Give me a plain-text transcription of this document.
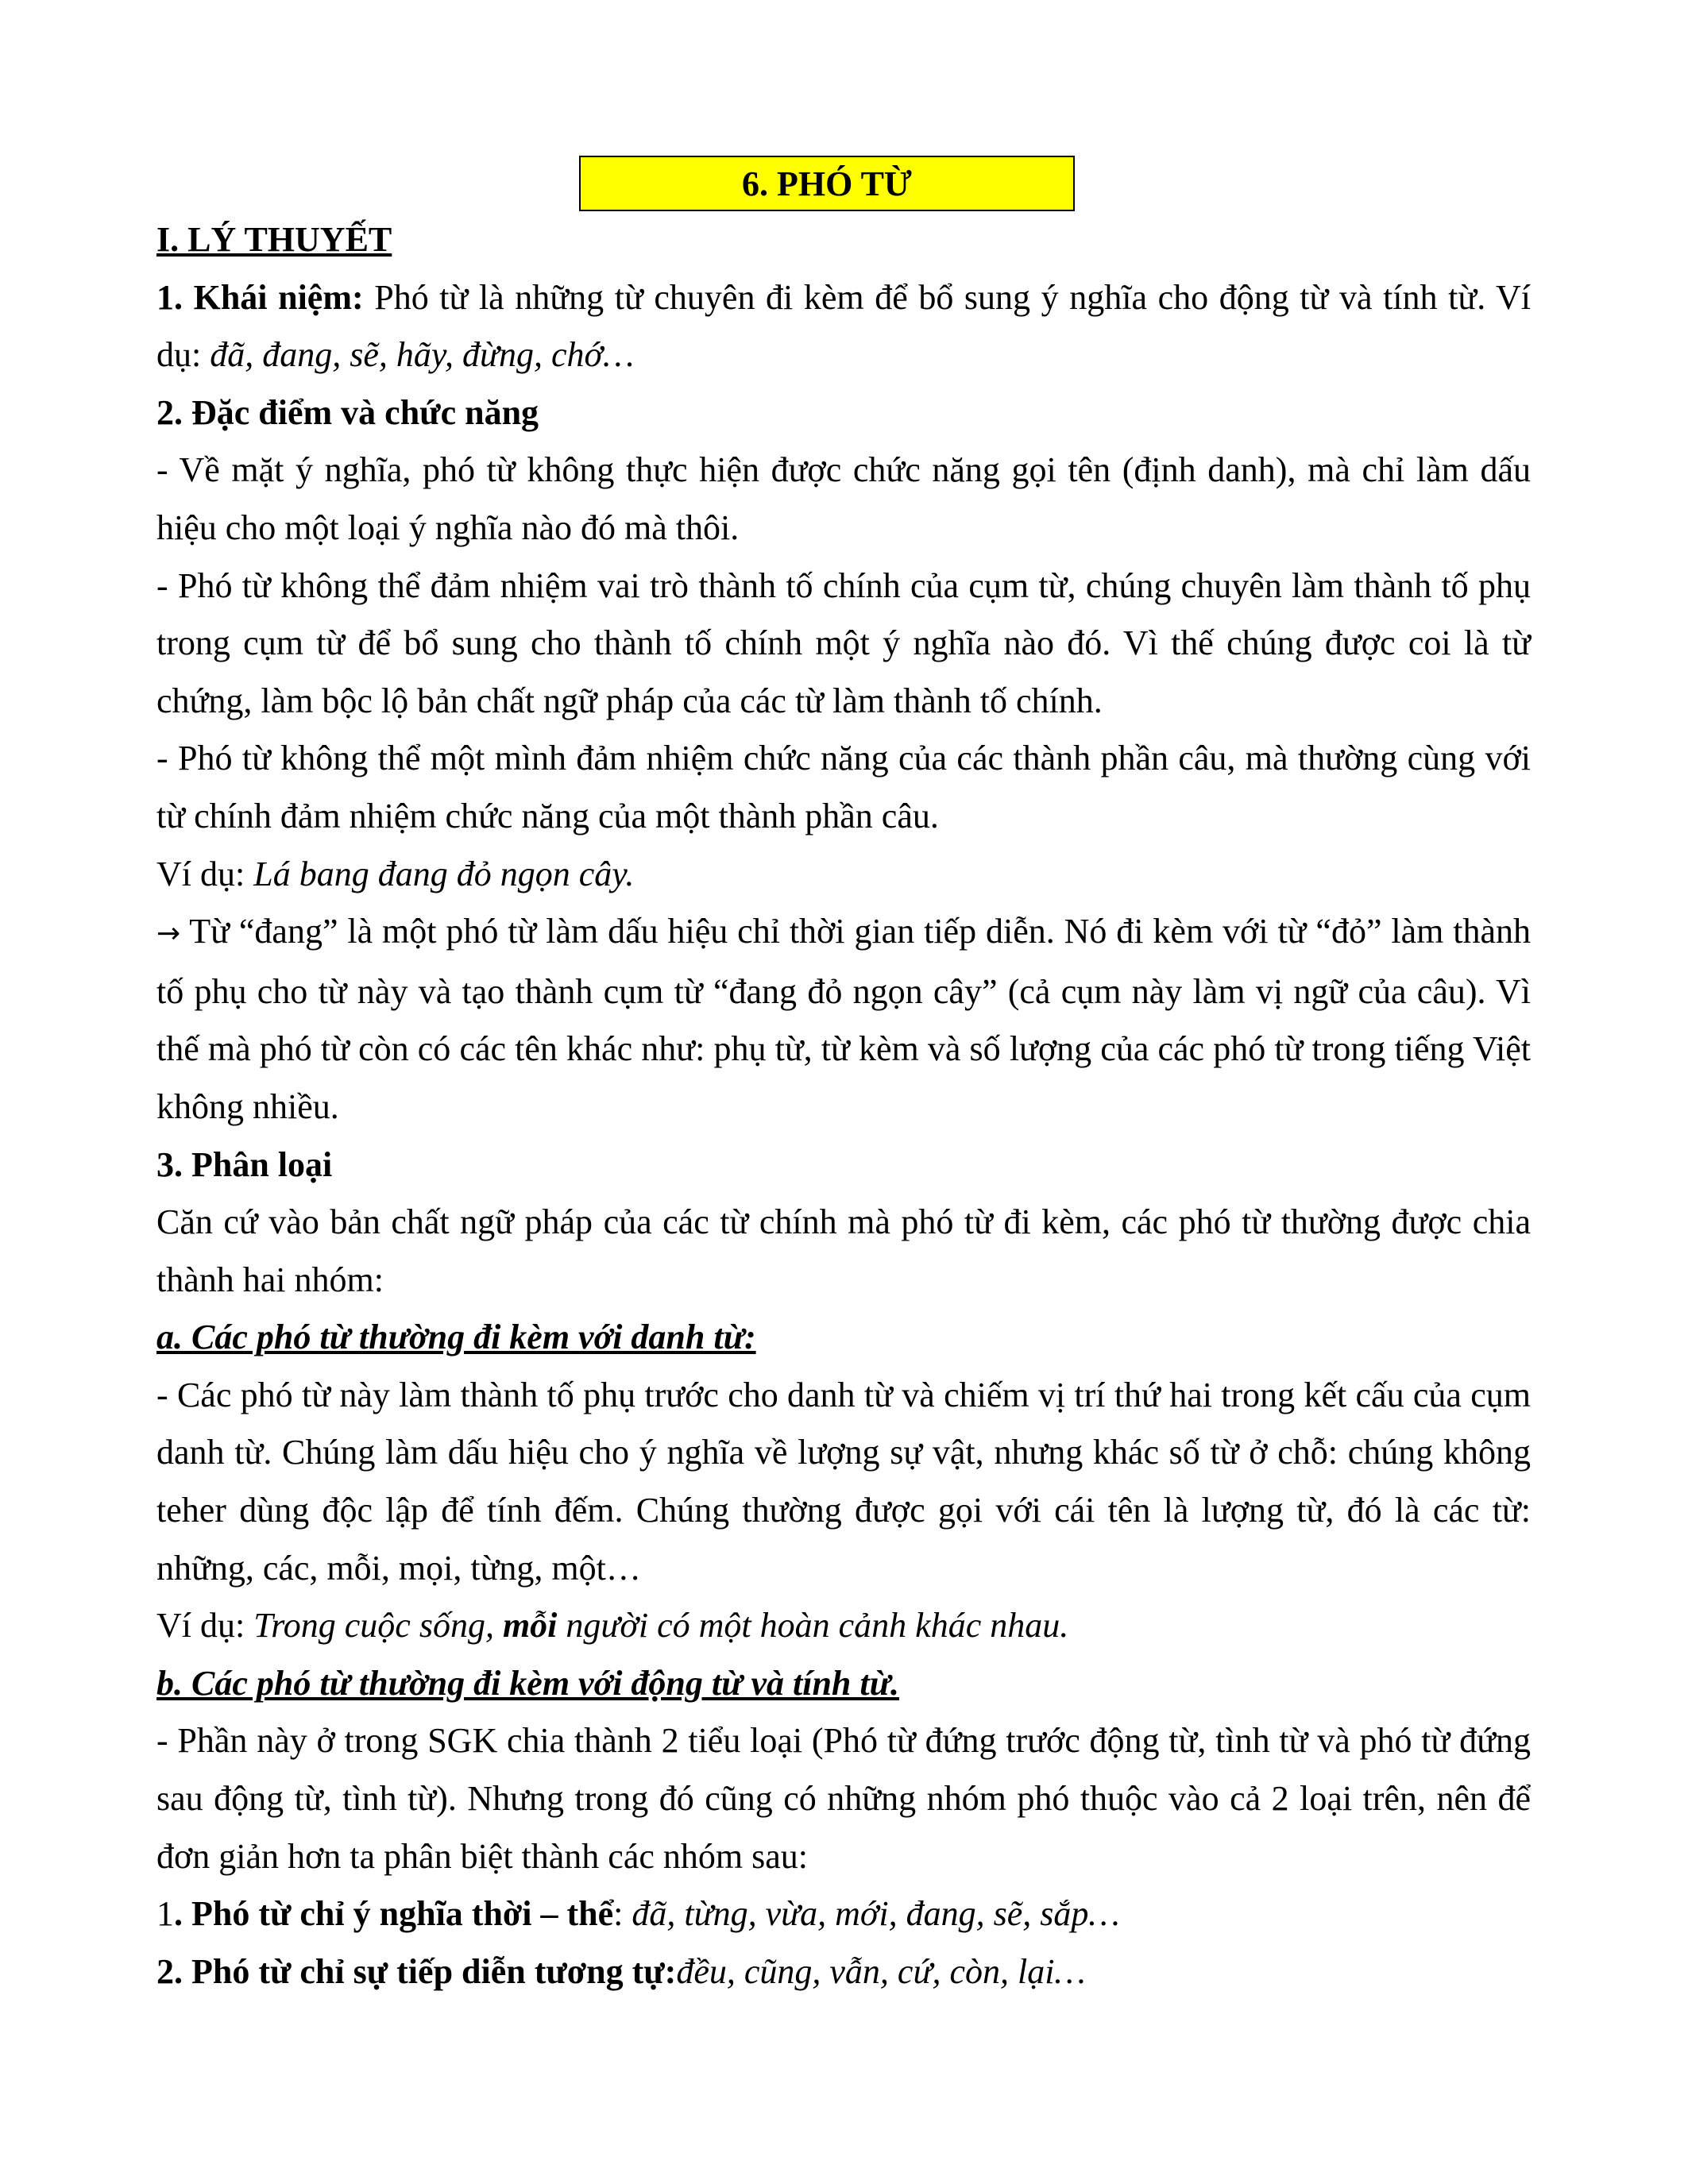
6. PHÓ TỪ

I. LÝ THUYẾT

1. Khái niệm: Phó từ là những từ chuyên đi kèm để bổ sung ý nghĩa cho động từ và tính từ. Ví dụ: đã, đang, sẽ, hãy, đừng, chớ…

2. Đặc điểm và chức năng

- Về mặt ý nghĩa, phó từ không thực hiện được chức năng gọi tên (định danh), mà chỉ làm dấu hiệu cho một loại ý nghĩa nào đó mà thôi.

- Phó từ không thể đảm nhiệm vai trò thành tố chính của cụm từ, chúng chuyên làm thành tố phụ trong cụm từ để bổ sung cho thành tố chính một ý nghĩa nào đó. Vì thế chúng được coi là từ chứng, làm bộc lộ bản chất ngữ pháp của các từ làm thành tố chính.

- Phó từ không thể một mình đảm nhiệm chức năng của các thành phần câu, mà thường cùng với từ chính đảm nhiệm chức năng của một thành phần câu.

Ví dụ: Lá bang đang đỏ ngọn cây.

→ Từ “đang” là một phó từ làm dấu hiệu chỉ thời gian tiếp diễn. Nó đi kèm với từ “đỏ” làm thành tố phụ cho từ này và tạo thành cụm từ “đang đỏ ngọn cây” (cả cụm này làm vị ngữ của câu). Vì thế mà phó từ còn có các tên khác như: phụ từ, từ kèm và số lượng của các phó từ trong tiếng Việt không nhiều.

3. Phân loại

Căn cứ vào bản chất ngữ pháp của các từ chính mà phó từ đi kèm, các phó từ thường được chia thành hai nhóm:

a. Các phó từ thường đi kèm với danh từ:

- Các phó từ này làm thành tố phụ trước cho danh từ và chiếm vị trí thứ hai trong kết cấu của cụm danh từ. Chúng làm dấu hiệu cho ý nghĩa về lượng sự vật, nhưng khác số từ ở chỗ: chúng không teher dùng độc lập để tính đếm. Chúng thường được gọi với cái tên là lượng từ, đó là các từ: những, các, mỗi, mọi, từng, một…

Ví dụ: Trong cuộc sống, mỗi người có một hoàn cảnh khác nhau.

b. Các phó từ thường đi kèm với động từ và tính từ.

- Phần này ở trong SGK chia thành 2 tiểu loại (Phó từ đứng trước động từ, tình từ và phó từ đứng sau động từ, tình từ). Nhưng trong đó cũng có những nhóm phó thuộc vào cả 2 loại trên, nên để đơn giản hơn ta phân biệt thành các nhóm sau:

1. Phó từ chỉ ý nghĩa thời – thể: đã, từng, vừa, mới, đang, sẽ, sắp…

2. Phó từ chỉ sự tiếp diễn tương tự:đều, cũng, vẫn, cứ, còn, lại…
